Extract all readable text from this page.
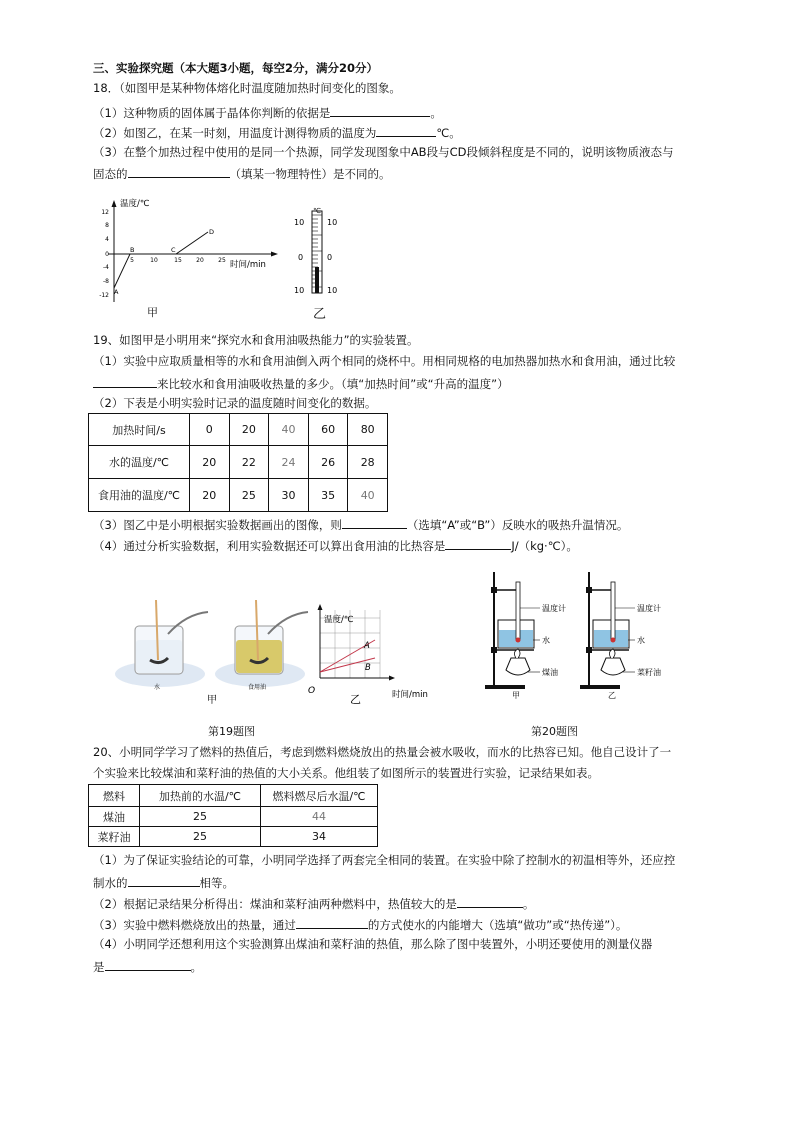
三、实验探究题（本大题3小题，每空2分，满分20分）
18．（如图甲是某种物体熔化时温度随加热时间变化的图象。
（1）这种物质的固体属于晶体你判断的依据是	。
（2）如图乙，在某一时刻，用温度计测得物质的温度为	℃。
（3）在整个加热过程中使用的是同一个热源，同学发现图象中AB段与CD段倾斜程度是不同的，说明该物质液态与
固态的	（填某一物理特性）是不同的。
温度/℃
时间/min
12
8
4
0
-4
-8
-12
5	10	15 20 25
A
B	C
D
甲
℃
10	10
0	0
10	10
乙
19、如图甲是小明用来“探究水和食用油吸热能力”的实验装置。
（1）实验中应取质量相等的水和食用油倒入两个相同的烧杯中。用相同规格的电加热器加热水和食用油，通过比较
来比较水和食用油吸收热量的多少。（填“加热时间”或“升高的温度”）
（2）下表是小明实验时记录的温度随时间变化的数据。
加热时间/s	0	20	40	60	80
水的温度/℃	20	22	24	26	28
食用油的温度/℃	20	25	30	35	40
（3）图乙中是小明根据实验数据画出的图像，则	（选填“A”或“B”）反映水的吸热升温情况。
（4）通过分析实验数据，利用实验数据还可以算出食用油的比热容是	J/（kg·℃）。
水	食用油
甲
温度/℃
时间/min
O
A
B
乙
第19题图
温度计
水
煤油
甲
温度计
水
菜籽油
乙
第20题图
20、小明同学学习了燃料的热值后，考虑到燃料燃烧放出的热量会被水吸收，而水的比热容已知。他自己设计了一
个实验来比较煤油和菜籽油的热值的大小关系。他组装了如图所示的装置进行实验，记录结果如表。
燃料	加热前的水温/℃	燃料燃尽后水温/℃
煤油	25	44
菜籽油	25	34
（1）为了保证实验结论的可靠，小明同学选择了两套完全相同的装置。在实验中除了控制水的初温相等外，还应控
制水的	相等。
（2）根据记录结果分析得出：煤油和菜籽油两种燃料中，热值较大的是	。
（3）实验中燃料燃烧放出的热量，通过	的方式使水的内能增大（选填“做功”或“热传递”）。
（4）小明同学还想利用这个实验测算出煤油和菜籽油的热值，那么除了图中装置外，小明还要使用的测量仪器
是	。
